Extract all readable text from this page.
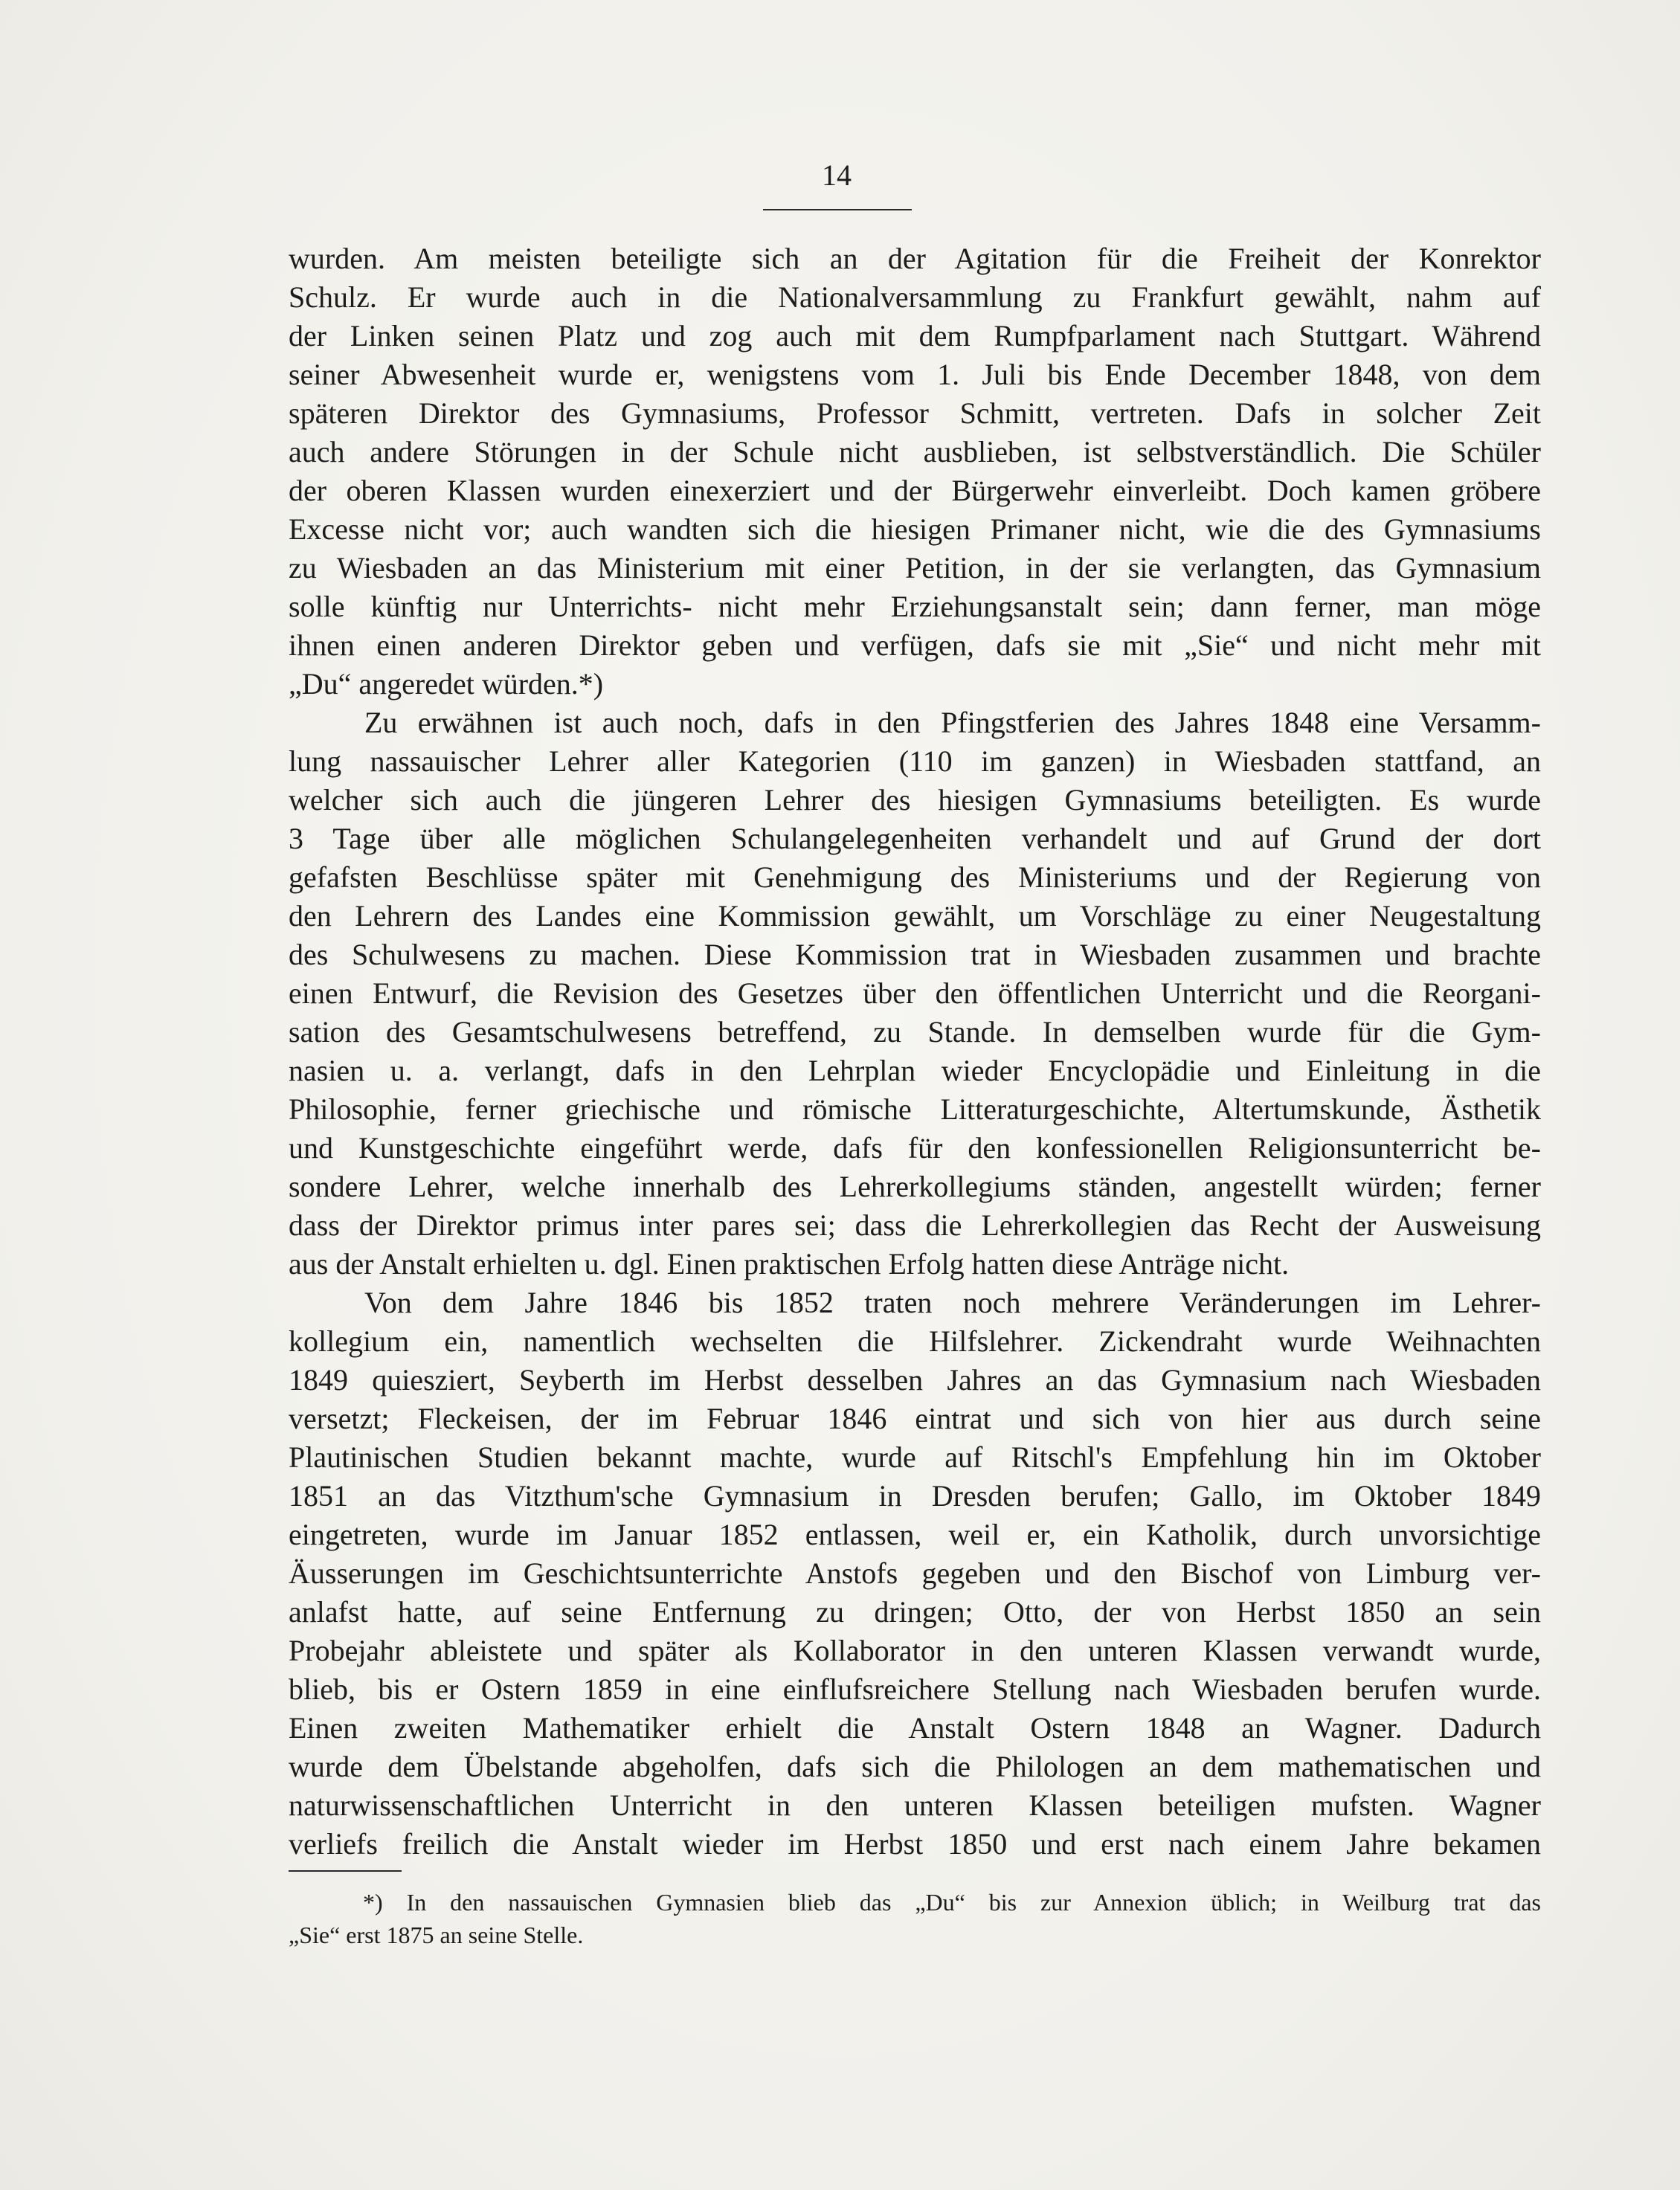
14
wurden. Am meisten beteiligte sich an der Agitation für die Freiheit der Konrektor
Schulz. Er wurde auch in die Nationalversammlung zu Frankfurt gewählt, nahm auf
der Linken seinen Platz und zog auch mit dem Rumpfparlament nach Stuttgart. Während
seiner Abwesenheit wurde er, wenigstens vom 1. Juli bis Ende December 1848, von dem
späteren Direktor des Gymnasiums, Professor Schmitt, vertreten. Dafs in solcher Zeit
auch andere Störungen in der Schule nicht ausblieben, ist selbstverständlich. Die Schüler
der oberen Klassen wurden einexerziert und der Bürgerwehr einverleibt. Doch kamen gröbere
Excesse nicht vor; auch wandten sich die hiesigen Primaner nicht, wie die des Gymnasiums
zu Wiesbaden an das Ministerium mit einer Petition, in der sie verlangten, das Gymnasium
solle künftig nur Unterrichts- nicht mehr Erziehungsanstalt sein; dann ferner, man möge
ihnen einen anderen Direktor geben und verfügen, dafs sie mit „Sie“ und nicht mehr mit
„Du“ angeredet würden.*)
Zu erwähnen ist auch noch, dafs in den Pfingstferien des Jahres 1848 eine Versamm-
lung nassauischer Lehrer aller Kategorien (110 im ganzen) in Wiesbaden stattfand, an
welcher sich auch die jüngeren Lehrer des hiesigen Gymnasiums beteiligten. Es wurde
3 Tage über alle möglichen Schulangelegenheiten verhandelt und auf Grund der dort
gefafsten Beschlüsse später mit Genehmigung des Ministeriums und der Regierung von
den Lehrern des Landes eine Kommission gewählt, um Vorschläge zu einer Neugestaltung
des Schulwesens zu machen. Diese Kommission trat in Wiesbaden zusammen und brachte
einen Entwurf, die Revision des Gesetzes über den öffentlichen Unterricht und die Reorgani-
sation des Gesamtschulwesens betreffend, zu Stande. In demselben wurde für die Gym-
nasien u. a. verlangt, dafs in den Lehrplan wieder Encyclopädie und Einleitung in die
Philosophie, ferner griechische und römische Litteraturgeschichte, Altertumskunde, Ästhetik
und Kunstgeschichte eingeführt werde, dafs für den konfessionellen Religionsunterricht be-
sondere Lehrer, welche innerhalb des Lehrerkollegiums ständen, angestellt würden; ferner
dass der Direktor primus inter pares sei; dass die Lehrerkollegien das Recht der Ausweisung
aus der Anstalt erhielten u. dgl. Einen praktischen Erfolg hatten diese Anträge nicht.
Von dem Jahre 1846 bis 1852 traten noch mehrere Veränderungen im Lehrer-
kollegium ein, namentlich wechselten die Hilfslehrer. Zickendraht wurde Weihnachten
1849 quiesziert, Seyberth im Herbst desselben Jahres an das Gymnasium nach Wiesbaden
versetzt; Fleckeisen, der im Februar 1846 eintrat und sich von hier aus durch seine
Plautinischen Studien bekannt machte, wurde auf Ritschl's Empfehlung hin im Oktober
1851 an das Vitzthum'sche Gymnasium in Dresden berufen; Gallo, im Oktober 1849
eingetreten, wurde im Januar 1852 entlassen, weil er, ein Katholik, durch unvorsichtige
Äusserungen im Geschichtsunterrichte Anstofs gegeben und den Bischof von Limburg ver-
anlafst hatte, auf seine Entfernung zu dringen; Otto, der von Herbst 1850 an sein
Probejahr ableistete und später als Kollaborator in den unteren Klassen verwandt wurde,
blieb, bis er Ostern 1859 in eine einflufsreichere Stellung nach Wiesbaden berufen wurde.
Einen zweiten Mathematiker erhielt die Anstalt Ostern 1848 an Wagner. Dadurch
wurde dem Übelstande abgeholfen, dafs sich die Philologen an dem mathematischen und
naturwissenschaftlichen Unterricht in den unteren Klassen beteiligen mufsten. Wagner
verliefs freilich die Anstalt wieder im Herbst 1850 und erst nach einem Jahre bekamen
*) In den nassauischen Gymnasien blieb das „Du“ bis zur Annexion üblich; in Weilburg trat das
„Sie“ erst 1875 an seine Stelle.
